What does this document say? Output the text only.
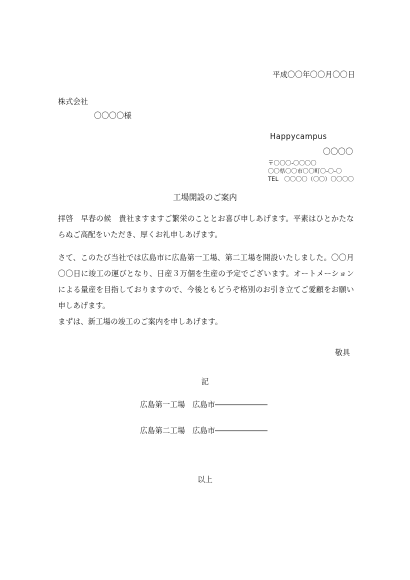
平成〇〇年〇〇月〇〇日
株式会社
〇〇〇〇様
Happycampus
〇〇〇〇
〒〇〇〇-〇〇〇〇
〇〇県〇〇市〇〇町〇-〇-〇
TEL　〇〇〇〇（〇〇）〇〇〇〇
工場開設のご案内
拝啓　早春の候　貴社ますますご繁栄のこととお喜び申しあげます。平素はひとかたならぬご高配をいただき、厚くお礼申しあげます。
さて、このたび当社では広島市に広島第一工場、第二工場を開設いたしました。〇〇月〇〇日に竣工の運びとなり、日産３万個を生産の予定でございます。オートメーションによる量産を目指しておりますので、今後ともどうぞ格別のお引き立てご愛顧をお願い申しあげます。
まずは、新工場の竣工のご案内を申しあげます。
敬具
記
広島第一工場　広島市―――――――
広島第二工場　広島市―――――――
以上
